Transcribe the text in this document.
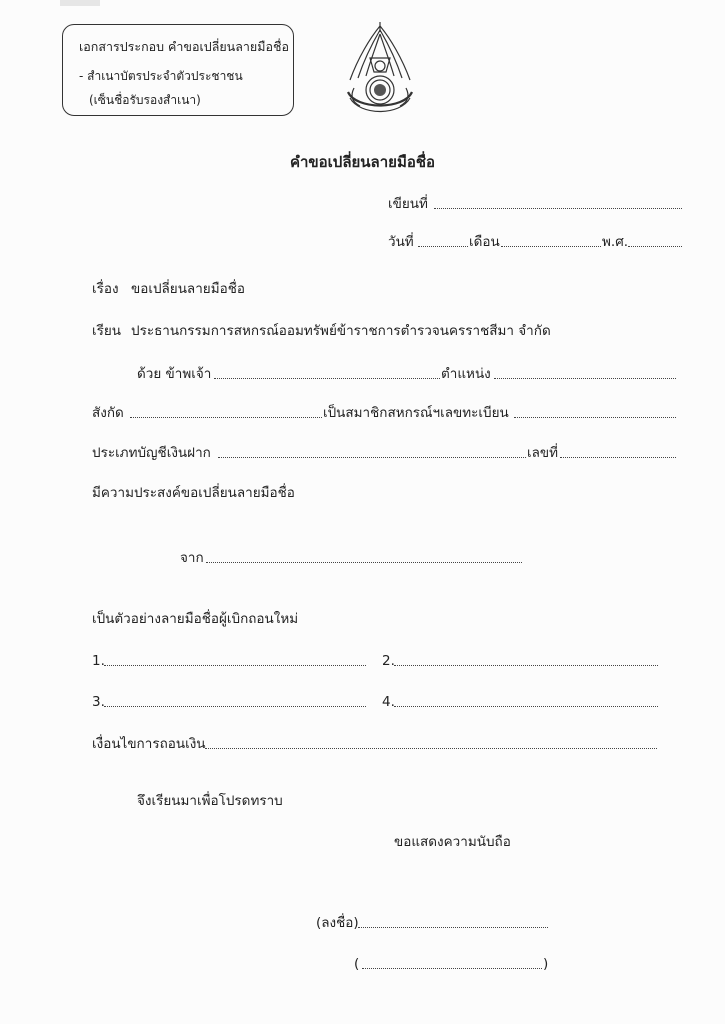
เอกสารประกอบ คำขอเปลี่ยนลายมือชื่อ
- สำเนาบัตรประจำตัวประชาชน
(เซ็นชื่อรับรองสำเนา)
คำขอเปลี่ยนลายมือชื่อ
เขียนที่
วันที่	เดือน	พ.ศ.
เรื่อง ขอเปลี่ยนลายมือชื่อ
เรียน ประธานกรรมการสหกรณ์ออมทรัพย์ข้าราชการตำรวจนครราชสีมา จำกัด
ด้วย ข้าพเจ้า	ตำแหน่ง
สังกัด	เป็นสมาชิกสหกรณ์ฯเลขทะเบียน
ประเภทบัญชีเงินฝาก	เลขที่
มีความประสงค์ขอเปลี่ยนลายมือชื่อ
จาก
เป็นตัวอย่างลายมือชื่อผู้เบิกถอนใหม่
1.	2.
3.	4.
เงื่อนไขการถอนเงิน
จึงเรียนมาเพื่อโปรดทราบ
ขอแสดงความนับถือ
(ลงชื่อ)
(	)
